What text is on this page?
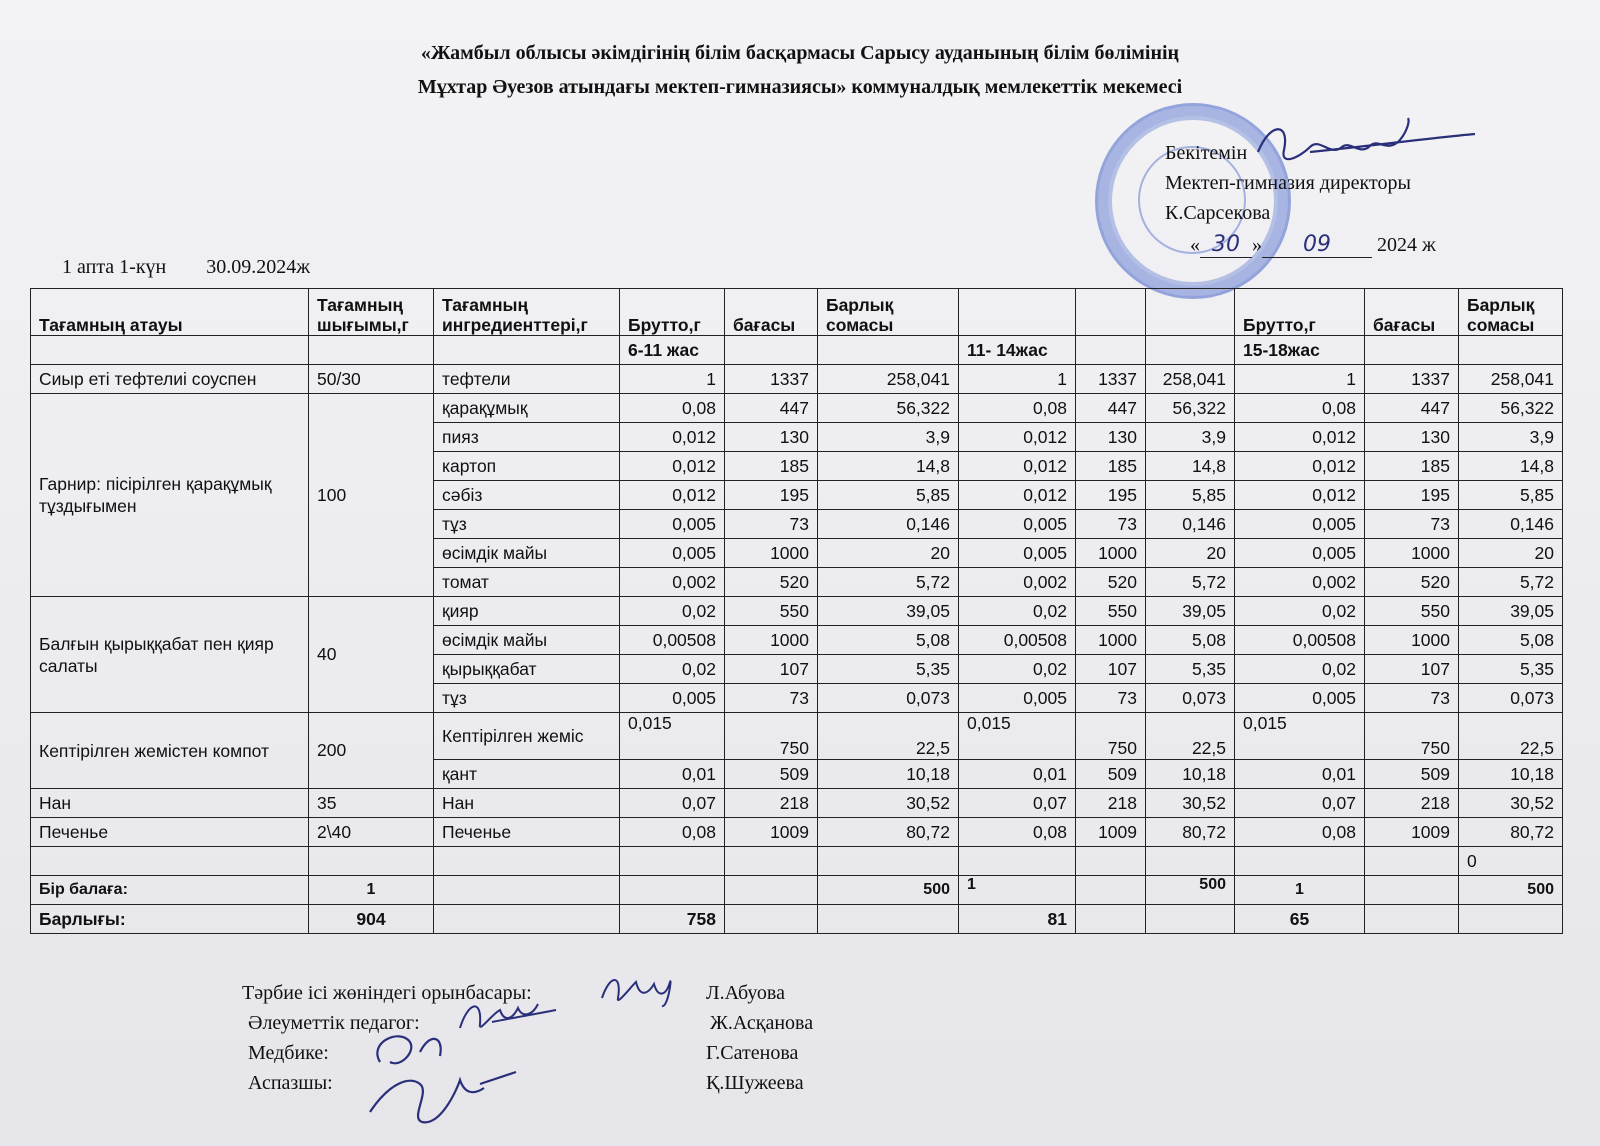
«Жамбыл облысы әкімдігінің білім басқармасы Сарысу ауданының білім бөлімінің
Мұхтар Әуезов атындағы мектеп-гимназиясы» коммуналдық мемлекеттік мекемесі
Бекітемін
Мектеп-гимназия директоры
К.Сарсекова
« 30 » 09 2024 ж
1 апта 1-күн 30.09.2024ж
Тағамның атауы	Тағамның шығымы,г	Тағамның ингредиенттері,г	Брутто,г	бағасы	Барлық сомасы				Брутто,г	бағасы	Барлық сомасы
			6-11 жас			11- 14жас			15-18жас		
Сиыр еті тефтелиі соуспен	50/30	тефтели	1	1337	258,041	1	1337	258,041	1	1337	258,041
Гарнир: пісірілген қарақұмық тұздығымен	100	қарақұмық	0,08	447	56,322	0,08	447	56,322	0,08	447	56,322
		пияз	0,012	130	3,9	0,012	130	3,9	0,012	130	3,9
		картоп	0,012	185	14,8	0,012	185	14,8	0,012	185	14,8
		сәбіз	0,012	195	5,85	0,012	195	5,85	0,012	195	5,85
		тұз	0,005	73	0,146	0,005	73	0,146	0,005	73	0,146
		өсімдік майы	0,005	1000	20	0,005	1000	20	0,005	1000	20
		томат	0,002	520	5,72	0,002	520	5,72	0,002	520	5,72
Балғын қырыққабат пен қияр салаты	40	қияр	0,02	550	39,05	0,02	550	39,05	0,02	550	39,05
		өсімдік майы	0,00508	1000	5,08	0,00508	1000	5,08	0,00508	1000	5,08
		қырыққабат	0,02	107	5,35	0,02	107	5,35	0,02	107	5,35
		тұз	0,005	73	0,073	0,005	73	0,073	0,005	73	0,073
Кептірілген жемістен компот	200	Кептірілген жеміс	0,015	750	22,5	0,015	750	22,5	0,015	750	22,5
		қант	0,01	509	10,18	0,01	509	10,18	0,01	509	10,18
Нан	35	Нан	0,07	218	30,52	0,07	218	30,52	0,07	218	30,52
Печенье	2\40	Печенье	0,08	1009	80,72	0,08	1009	80,72	0,08	1009	80,72
											0
Бір балаға:	1				500	1		500	1		500
Барлығы:	904		758			81			65		
Тәрбие ісі жөніндегі орынбасары:	Л.Абуова
Әлеуметтік педагог:	Ж.Асқанова
Медбике:	Г.Сатенова
Аспазшы:	Қ.Шужеева
